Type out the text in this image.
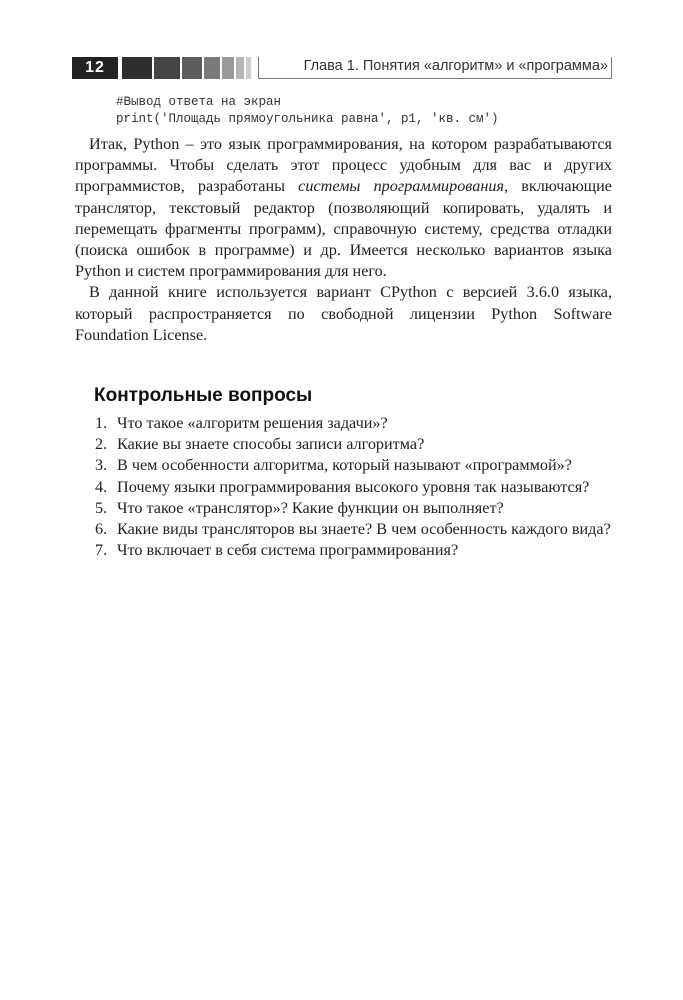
12	Глава 1. Понятия «алгоритм» и «программа»
#Вывод ответа на экран
print('Площадь прямоугольника равна', p1, 'кв. см')

Итак, Python – это язык программирования, на котором разрабатываются программы. Чтобы сделать этот процесс удобным для вас и других программистов, разработаны системы программирования, включающие транслятор, текстовый редактор (позволяющий копировать, удалять и перемещать фрагменты программ), справочную систему, средства отладки (поиска ошибок в программе) и др. Имеется несколько вариантов языка Python и систем программирования для него.

В данной книге используется вариант CPython с версией 3.6.0 языка, который распространяется по свободной лицензии Python Software Foundation License.

Контрольные вопросы
1. Что такое «алгоритм решения задачи»?
2. Какие вы знаете способы записи алгоритма?
3. В чем особенности алгоритма, который называют «программой»?
4. Почему языки программирования высокого уровня так называются?
5. Что такое «транслятор»? Какие функции он выполняет?
6. Какие виды трансляторов вы знаете? В чем особенность каждого вида?
7. Что включает в себя система программирования?
